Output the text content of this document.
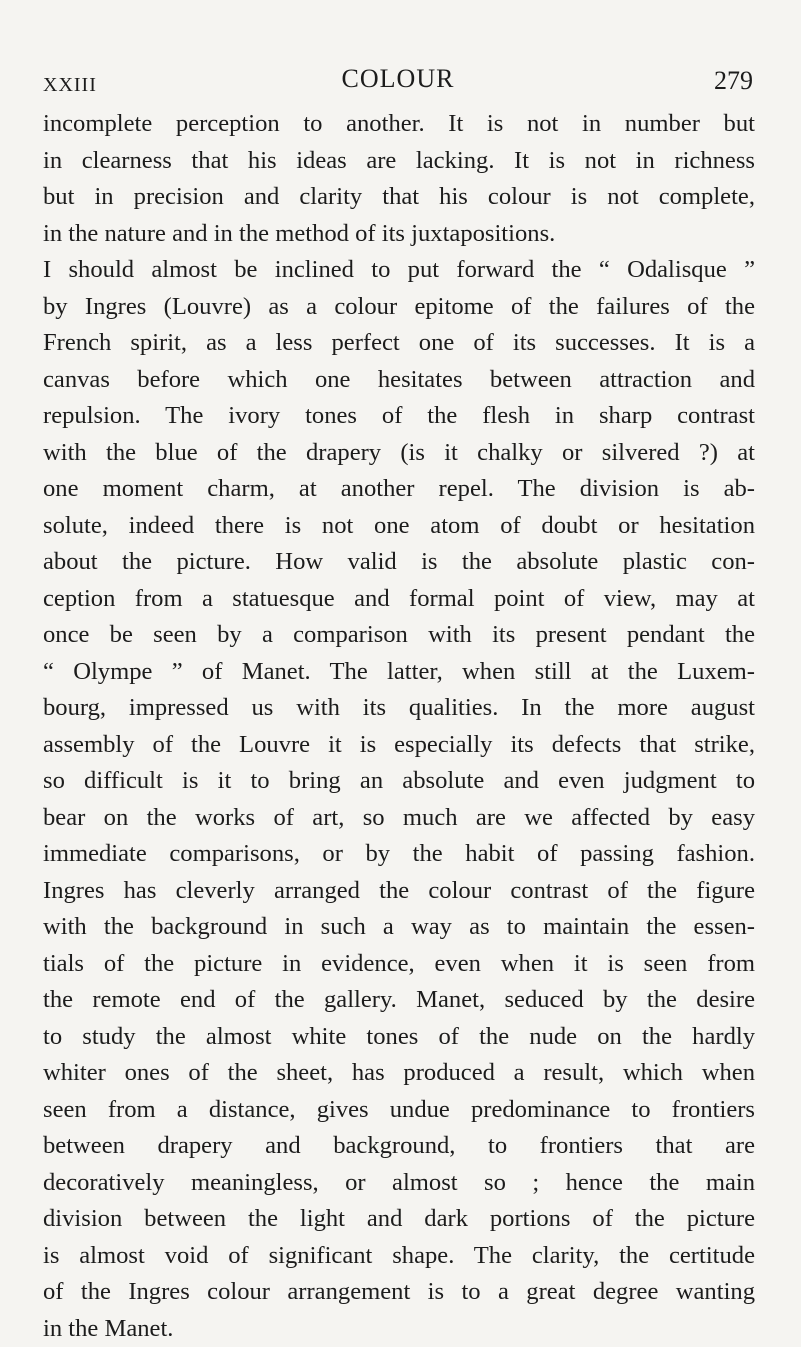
XXIII	COLOUR	279
incomplete perception to another. It is not in number but
in clearness that his ideas are lacking. It is not in richness
but in precision and clarity that his colour is not complete,
in the nature and in the method of its juxtapositions.
I should almost be inclined to put forward the “ Odalisque ”
by Ingres (Louvre) as a colour epitome of the failures of the
French spirit, as a less perfect one of its successes. It is a
canvas before which one hesitates between attraction and
repulsion. The ivory tones of the flesh in sharp contrast
with the blue of the drapery (is it chalky or silvered ?) at
one moment charm, at another repel. The division is ab-
solute, indeed there is not one atom of doubt or hesitation
about the picture. How valid is the absolute plastic con-
ception from a statuesque and formal point of view, may at
once be seen by a comparison with its present pendant the
“ Olympe ” of Manet. The latter, when still at the Luxem-
bourg, impressed us with its qualities. In the more august
assembly of the Louvre it is especially its defects that strike,
so difficult is it to bring an absolute and even judgment to
bear on the works of art, so much are we affected by easy
immediate comparisons, or by the habit of passing fashion.
Ingres has cleverly arranged the colour contrast of the figure
with the background in such a way as to maintain the essen-
tials of the picture in evidence, even when it is seen from
the remote end of the gallery. Manet, seduced by the desire
to study the almost white tones of the nude on the hardly
whiter ones of the sheet, has produced a result, which when
seen from a distance, gives undue predominance to frontiers
between drapery and background, to frontiers that are
decoratively meaningless, or almost so ; hence the main
division between the light and dark portions of the picture
is almost void of significant shape. The clarity, the certitude
of the Ingres colour arrangement is to a great degree wanting
in the Manet.
